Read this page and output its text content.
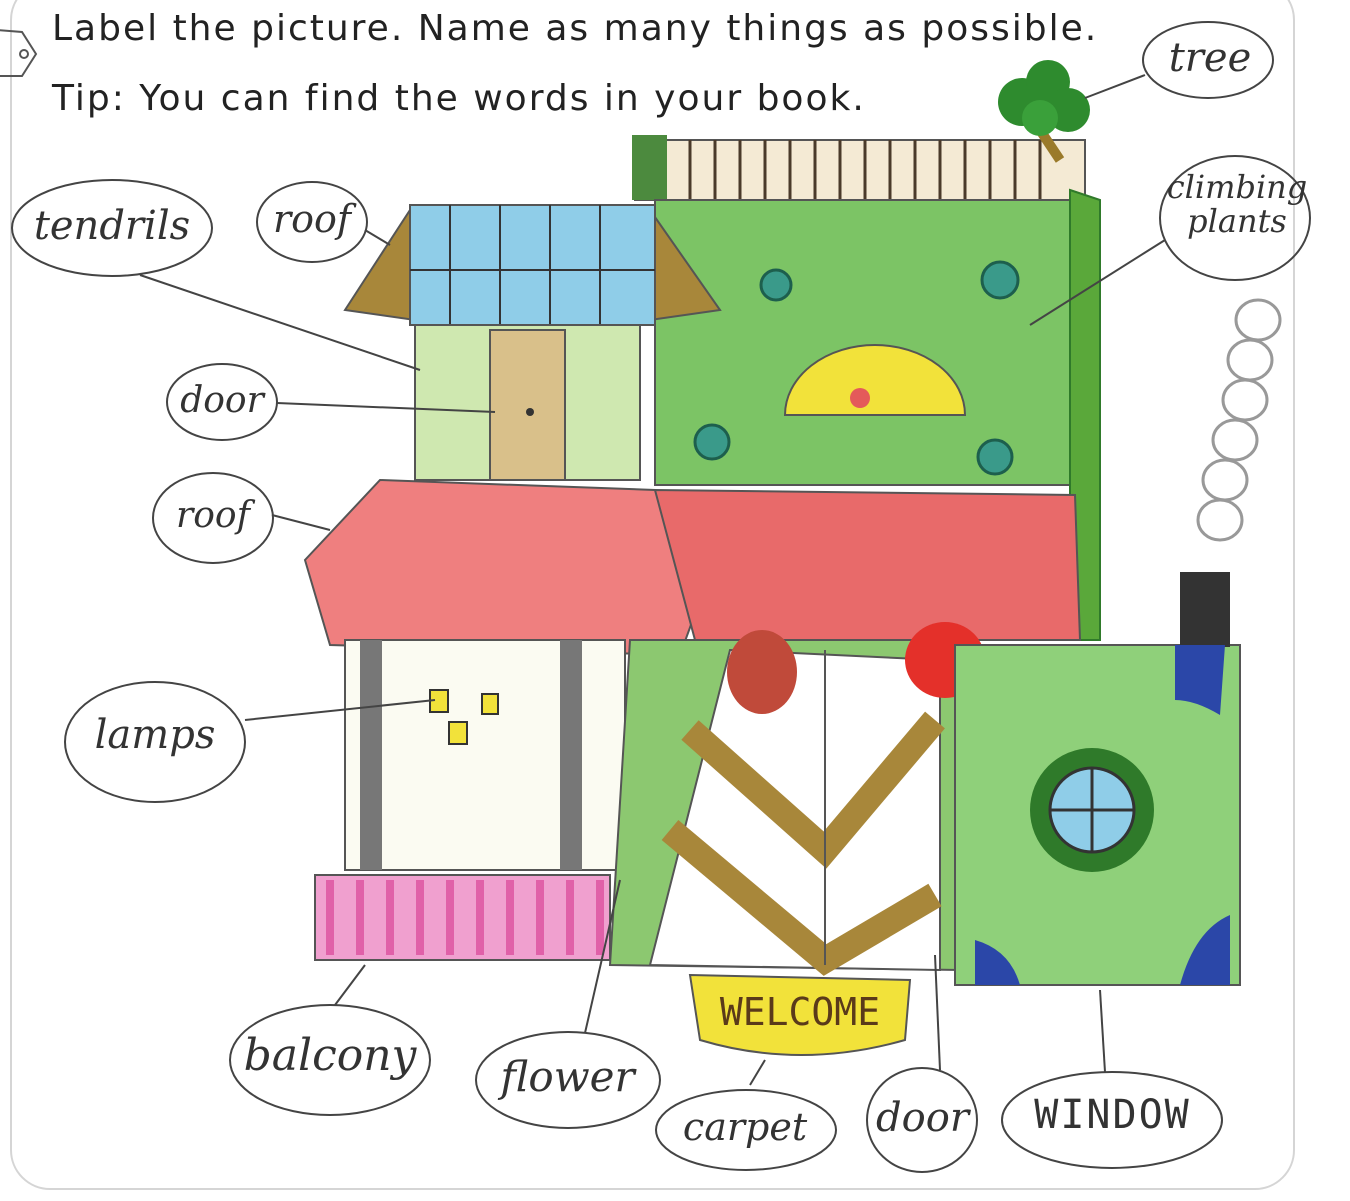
Label the picture. Name as many things as possible.
Tip: You can find the words in your book.
tree
climbing plants
tendrils	roof
door
roof
lamps
balcony	flower
carpet	door	WINDOW
WELCOME
